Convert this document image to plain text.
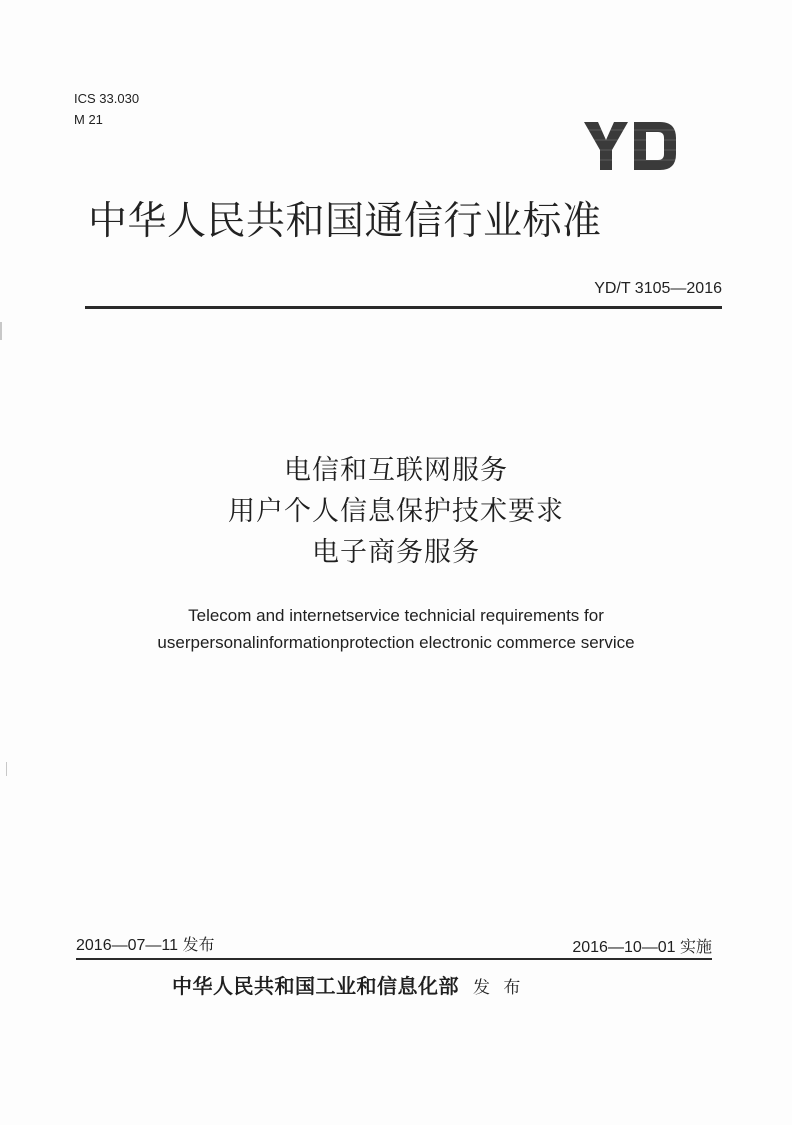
ICS 33.030
M 21
中华人民共和国通信行业标准
YD/T 3105—2016
电信和互联网服务
用户个人信息保护技术要求
电子商务服务
Telecom and internetservice technicial requirements for
userpersonalinformationprotection electronic commerce service
2016—07—11 发布	2016—10—01 实施
中华人民共和国工业和信息化部 发 布
